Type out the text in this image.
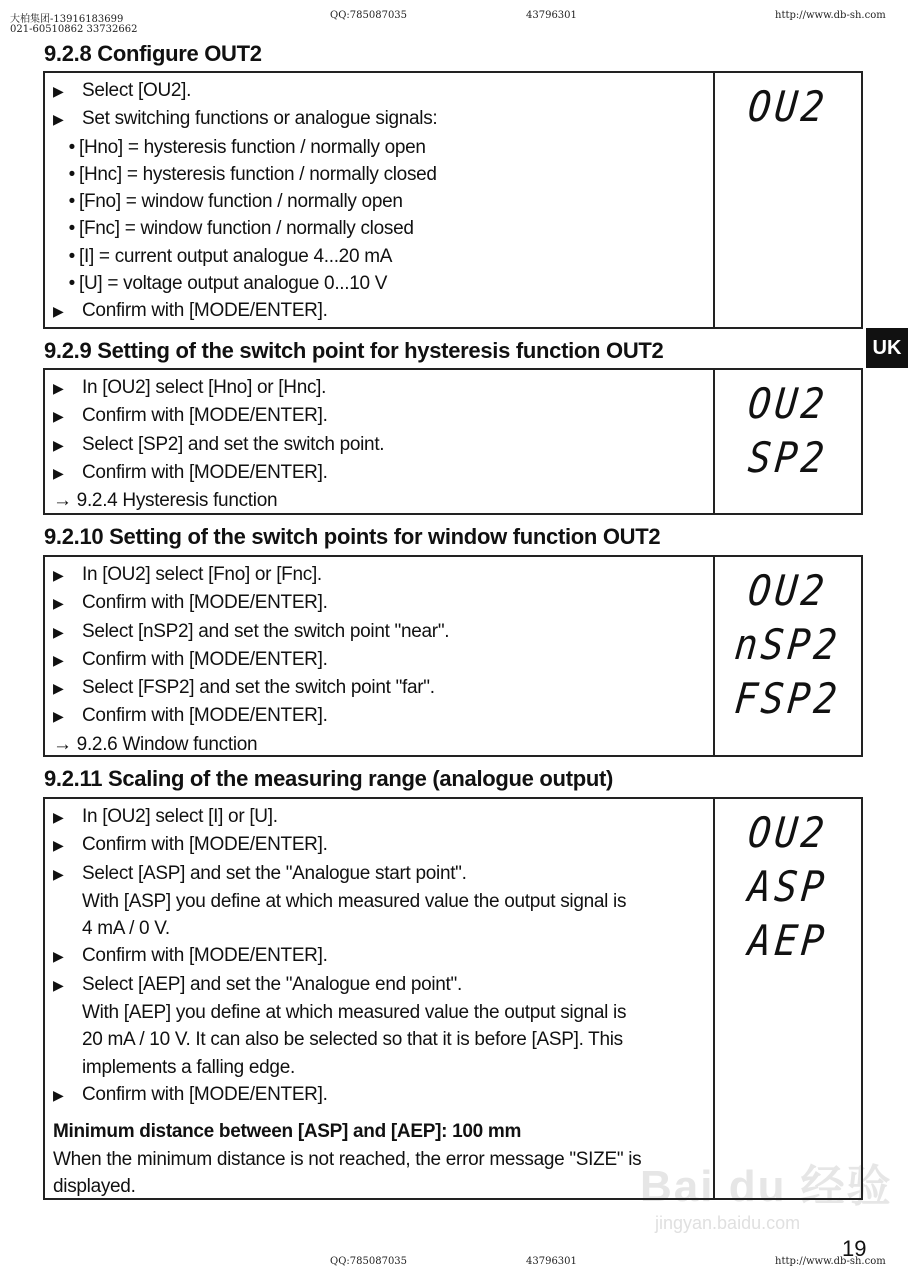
大柏集团-13916183699
021-60510862 33732662
QQ:785087035	43796301	http://www.db-sh.com
QQ:785087035	43796301	http://www.db-sh.com
19
UK
Bai du 经验
jingyan.baidu.com
9.2.8 Configure OUT2
▶ Select [OU2].
▶ Set switching functions or analogue signals:
• [Hno] = hysteresis function / normally open
• [Hnc] = hysteresis function / normally closed
• [Fno] = window function / normally open
• [Fnc] = window function / normally closed
• [I] = current output analogue 4...20 mA
• [U] = voltage output analogue 0...10 V
▶ Confirm with [MODE/ENTER].
OU2
9.2.9 Setting of the switch point for hysteresis function OUT2
▶ In [OU2] select [Hno] or [Hnc].
▶ Confirm with [MODE/ENTER].
▶ Select [SP2] and set the switch point.
▶ Confirm with [MODE/ENTER].
→ 9.2.4 Hysteresis function
OU2
SP2
9.2.10 Setting of the switch points for window function OUT2
▶ In [OU2] select [Fno] or [Fnc].
▶ Confirm with [MODE/ENTER].
▶ Select [nSP2] and set the switch point "near".
▶ Confirm with [MODE/ENTER].
▶ Select [FSP2] and set the switch point "far".
▶ Confirm with [MODE/ENTER].
→ 9.2.6 Window function
OU2
nSP2
FSP2
9.2.11 Scaling of the measuring range (analogue output)
▶ In [OU2] select [I] or [U].
▶ Confirm with [MODE/ENTER].
▶ Select [ASP] and set the "Analogue start point".
With [ASP] you define at which measured value the output signal is
4 mA / 0 V.
▶ Confirm with [MODE/ENTER].
▶ Select [AEP] and set the "Analogue end point".
With [AEP] you define at which measured value the output signal is
20 mA / 10 V. It can also be selected so that it is before [ASP]. This
implements a falling edge.
▶ Confirm with [MODE/ENTER].
Minimum distance between [ASP] and [AEP]: 100 mm
When the minimum distance is not reached, the error message "SIZE" is displayed.
OU2
ASP
AEP
